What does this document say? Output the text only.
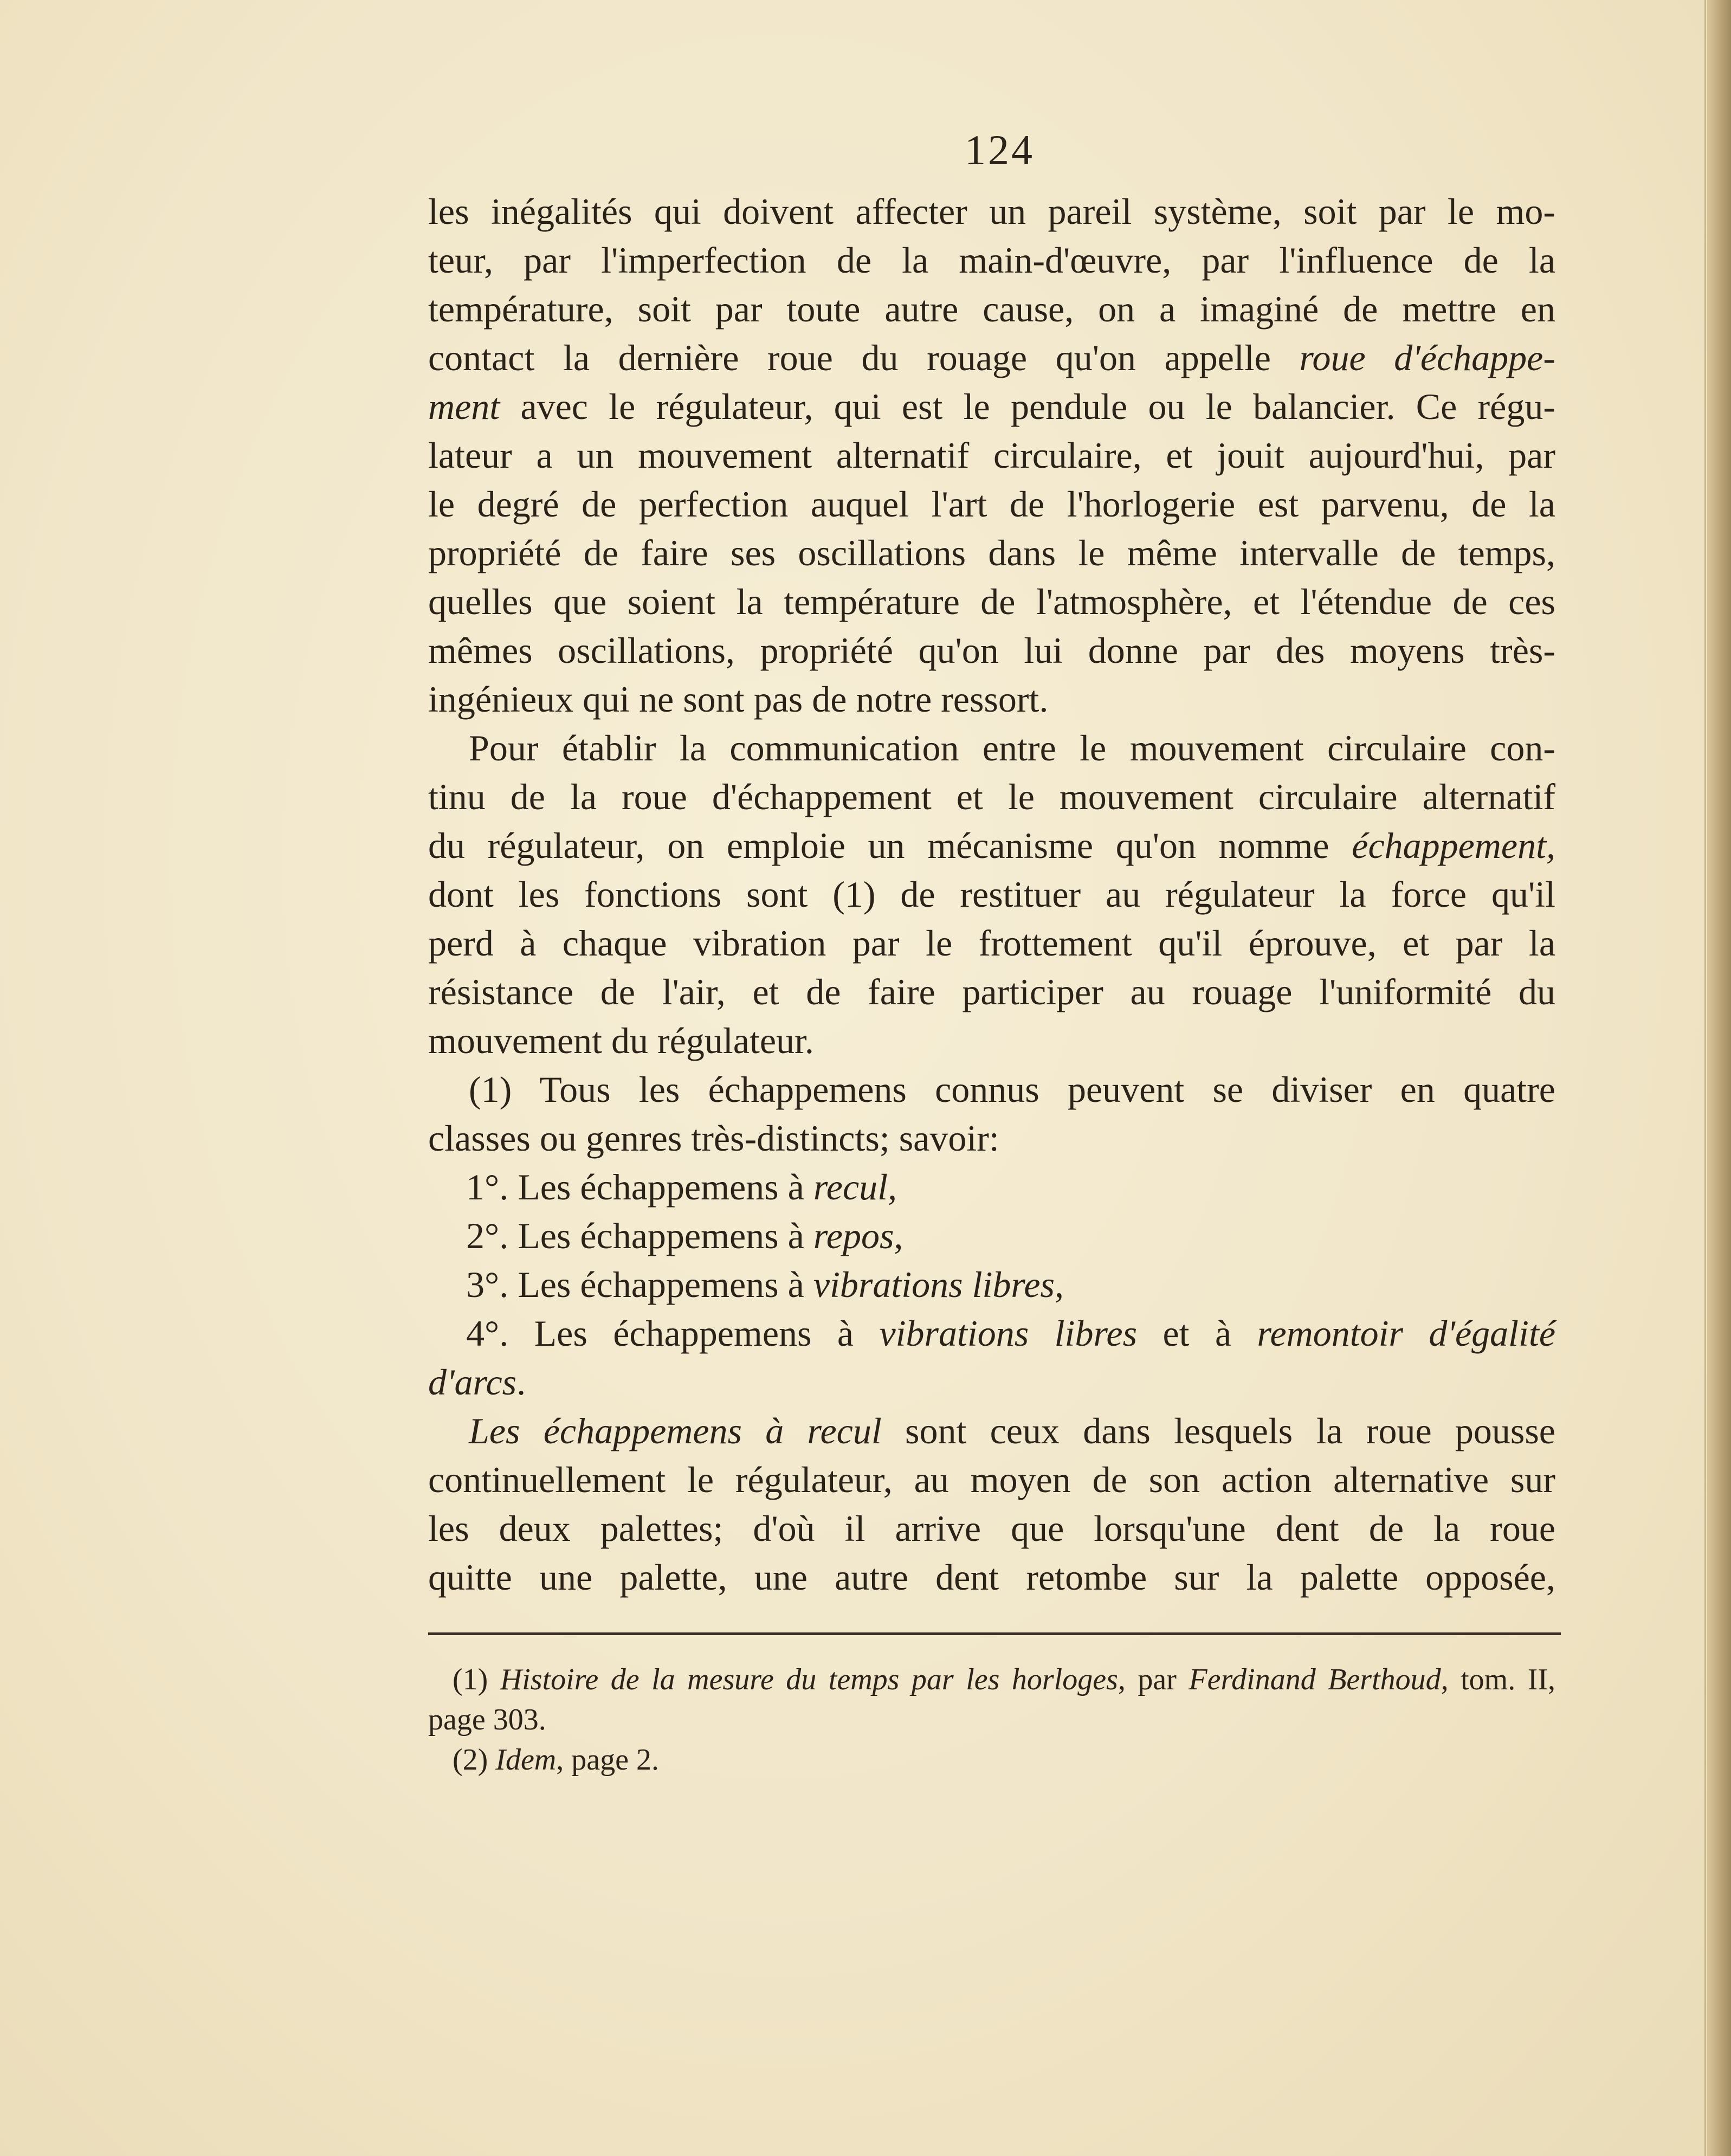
124
les inégalités qui doivent affecter un pareil système, soit par le mo-
teur, par l'imperfection de la main-d'œuvre, par l'influence de la
température, soit par toute autre cause, on a imaginé de mettre en
contact la dernière roue du rouage qu'on appelle roue d'échappe-
ment avec le régulateur, qui est le pendule ou le balancier. Ce régu-
lateur a un mouvement alternatif circulaire, et jouit aujourd'hui, par
le degré de perfection auquel l'art de l'horlogerie est parvenu, de la
propriété de faire ses oscillations dans le même intervalle de temps,
quelles que soient la température de l'atmosphère, et l'étendue de ces
mêmes oscillations, propriété qu'on lui donne par des moyens très-
ingénieux qui ne sont pas de notre ressort.
Pour établir la communication entre le mouvement circulaire con-
tinu de la roue d'échappement et le mouvement circulaire alternatif
du régulateur, on emploie un mécanisme qu'on nomme échappement,
dont les fonctions sont (1) de restituer au régulateur la force qu'il
perd à chaque vibration par le frottement qu'il éprouve, et par la
résistance de l'air, et de faire participer au rouage l'uniformité du
mouvement du régulateur.
(1) Tous les échappemens connus peuvent se diviser en quatre
classes ou genres très-distincts; savoir:
1°. Les échappemens à recul,
2°. Les échappemens à repos,
3°. Les échappemens à vibrations libres,
4°. Les échappemens à vibrations libres et à remontoir d'égalité
d'arcs.
Les échappemens à recul sont ceux dans lesquels la roue pousse
continuellement le régulateur, au moyen de son action alternative sur
les deux palettes; d'où il arrive que lorsqu'une dent de la roue
quitte une palette, une autre dent retombe sur la palette opposée,
(1) Histoire de la mesure du temps par les horloges, par Ferdinand Berthoud, tom. II,
page 303.
(2) Idem, page 2.
